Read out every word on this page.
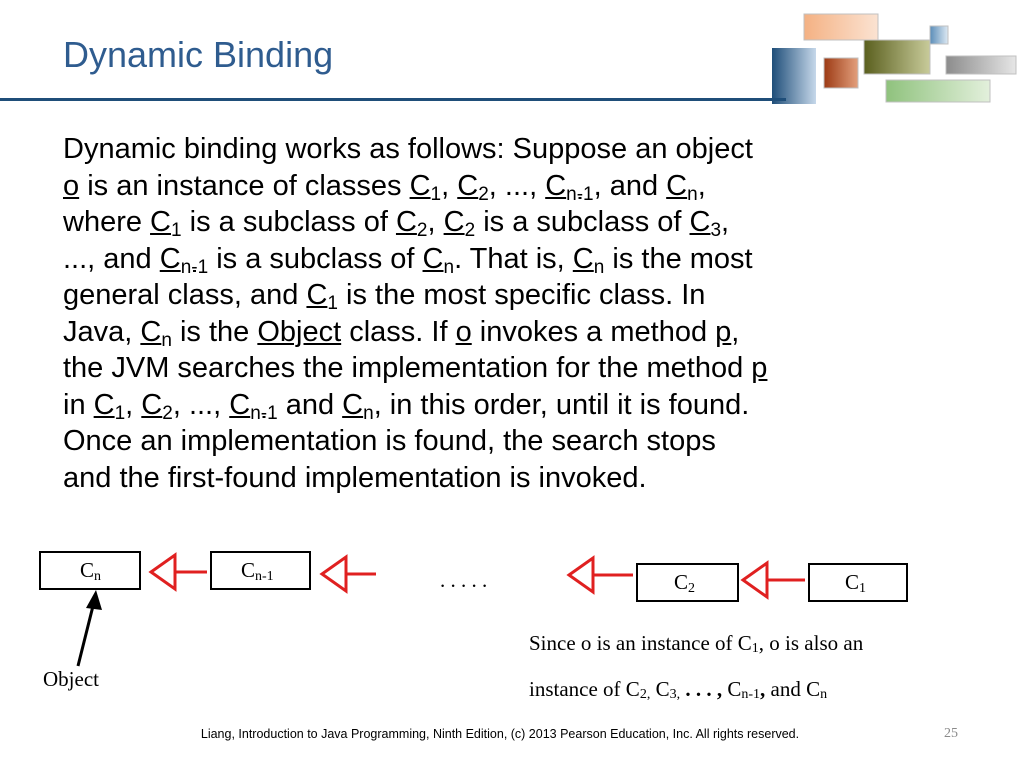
Dynamic Binding
Dynamic binding works as follows: Suppose an object
o is an instance of classes $C_1$, $C_2$, ..., $C_{n-1}$, and $C_n$,
where $C_1$ is a subclass of $C_2$, $C_2$ is a subclass of $C_3$,
..., and $C_{n-1}$ is a subclass of $C_n$. That is, $C_n$ is the most
general class, and $C_1$ is the most specific class. In
Java, $C_n$ is the Object class. If o invokes a method p,
the JVM searches the implementation for the method p
in $C_1$, $C_2$, ..., $C_{n-1}$ and $C_n$, in this order, until it is found.
Once an implementation is found, the search stops
and the first-found implementation is invoked.
Cn	Cn-1	C2	C1
. . . . .
Object
Since o is an instance of $C_1$, o is also an
instance of $C_{2,}$ $C_{3,}$ . . . , $C_{n-1}$, and $C_n$
Liang, Introduction to Java Programming, Ninth Edition, (c) 2013 Pearson Education, Inc. All rights reserved.	25
